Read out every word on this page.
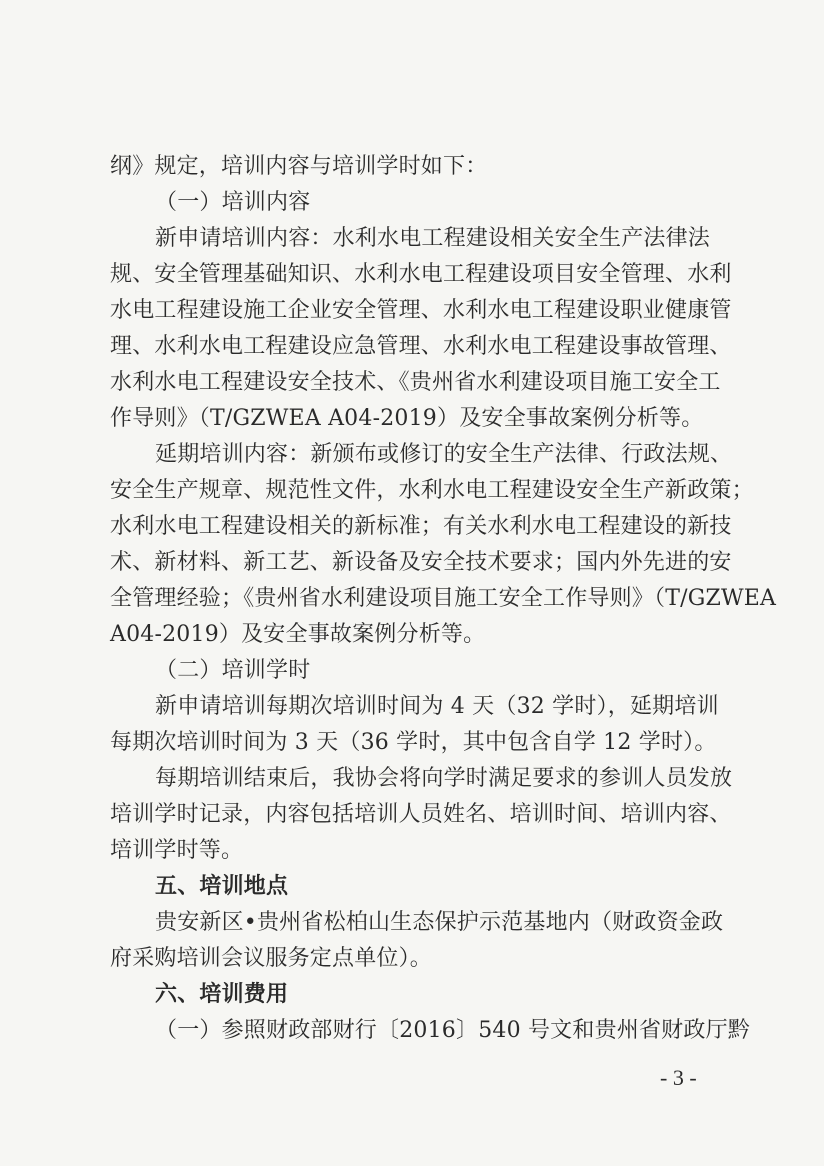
纲》规定，培训内容与培训学时如下：
（一）培训内容
新申请培训内容：水利水电工程建设相关安全生产法律法
规、安全管理基础知识、水利水电工程建设项目安全管理、水利
水电工程建设施工企业安全管理、水利水电工程建设职业健康管
理、水利水电工程建设应急管理、水利水电工程建设事故管理、
水利水电工程建设安全技术、《贵州省水利建设项目施工安全工
作导则》（T/GZWEA A04-2019）及安全事故案例分析等。
延期培训内容：新颁布或修订的安全生产法律、行政法规、
安全生产规章、规范性文件，水利水电工程建设安全生产新政策；
水利水电工程建设相关的新标准；有关水利水电工程建设的新技
术、新材料、新工艺、新设备及安全技术要求；国内外先进的安
全管理经验；《贵州省水利建设项目施工安全工作导则》（T/GZWEA
A04-2019）及安全事故案例分析等。
（二）培训学时
新申请培训每期次培训时间为 4 天（32 学时），延期培训
每期次培训时间为 3 天（36 学时，其中包含自学 12 学时）。
每期培训结束后，我协会将向学时满足要求的参训人员发放
培训学时记录，内容包括培训人员姓名、培训时间、培训内容、
培训学时等。
五、培训地点
贵安新区•贵州省松柏山生态保护示范基地内（财政资金政
府采购培训会议服务定点单位）。
六、培训费用
（一）参照财政部财行〔2016〕540 号文和贵州省财政厅黔
- 3 -
